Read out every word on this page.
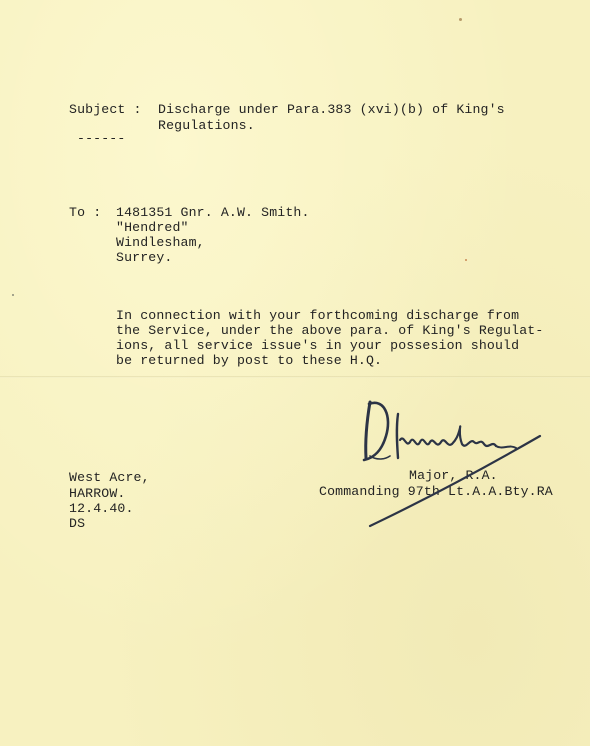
Subject : Discharge under Para.383 (xvi)(b) of King's
Regulations.
------
To : 1481351 Gnr. A.W. Smith.
"Hendred"
Windlesham,
Surrey.
In connection with your forthcoming discharge from
the Service, under the above para. of King's Regulat-
ions, all service issue's in your possesion should
be returned by post to these H.Q.
West Acre,
HARROW.
12.4.40.
DS
Major, R.A.
Commanding 97th Lt.A.A.Bty.RA
